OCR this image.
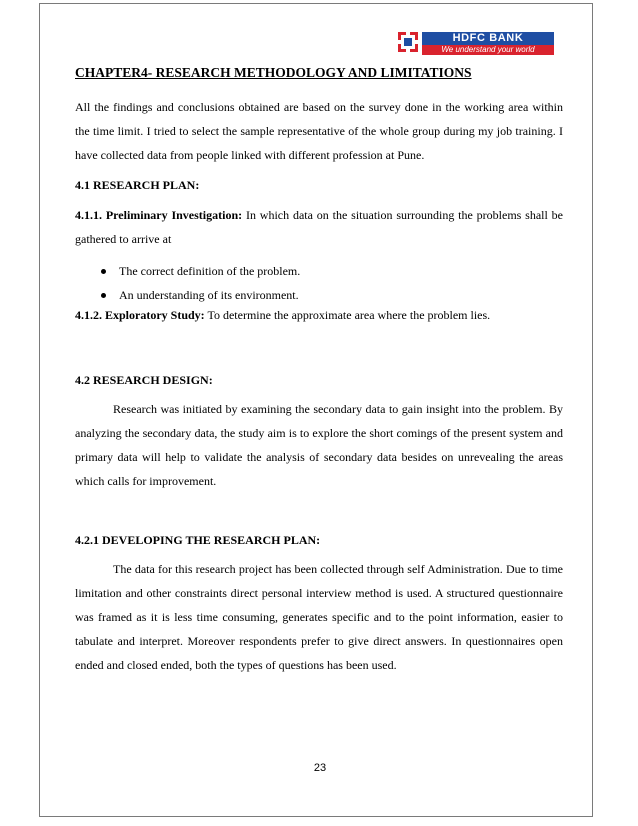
HDFC BANK
We understand your world
CHAPTER4- RESEARCH METHODOLOGY AND LIMITATIONS
All the findings and conclusions obtained are based on the survey done in the working area within the time limit. I tried to select the sample representative of the whole group during my job training. I have collected data from people linked with different profession at Pune.
4.1 RESEARCH PLAN:
4.1.1. Preliminary Investigation: In which data on the situation surrounding the problems shall be gathered to arrive at
The correct definition of the problem.
An understanding of its environment.
4.1.2. Exploratory Study: To determine the approximate area where the problem lies.
4.2 RESEARCH DESIGN:
Research was initiated by examining the secondary data to gain insight into the problem. By analyzing the secondary data, the study aim is to explore the short comings of the present system and primary data will help to validate the analysis of secondary data besides on unrevealing the areas which calls for improvement.
4.2.1 DEVELOPING THE RESEARCH PLAN:
The data for this research project has been collected through self Administration. Due to time limitation and other constraints direct personal interview method is used. A structured questionnaire was framed as it is less time consuming, generates specific and to the point information, easier to tabulate and interpret. Moreover respondents prefer to give direct answers. In questionnaires open ended and closed ended, both the types of questions has been used.
23
